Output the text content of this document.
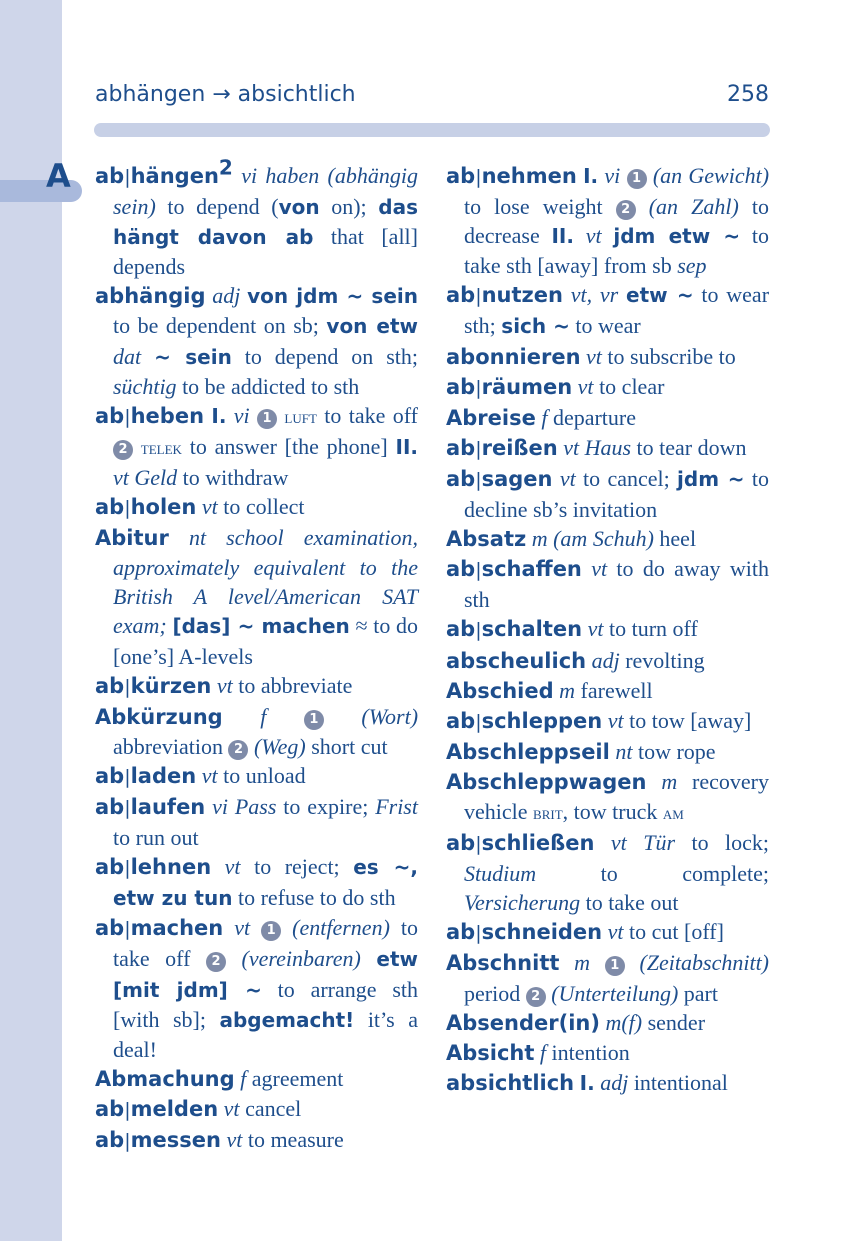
A
abhängen → absichtlich	258
ab|hängen$^2$ vi haben (abhängig sein) to depend (von on); das hängt davon ab that [all] depends
abhängig adj von jdm ~ sein to be dependent on sb; von etw dat ~ sein to depend on sth; süchtig to be addicted to sth
ab|heben I. vi 1 luft to take off 2 telek to answer [the phone] II. vt Geld to withdraw
ab|holen vt to collect
Abitur nt school examination, approximately equivalent to the British A level/American SAT exam; [das] ~ machen ≈ to do [one’s] A-levels
ab|kürzen vt to abbreviate
Abkürzung f	1 (Wort) abbreviation 2 (Weg) short cut
ab|laden vt to unload
ab|laufen vi Pass to expire; Frist to run out
ab|lehnen vt to reject; es ~, etw zu tun to refuse to do sth
ab|machen vt 1 (entfernen) to take off 2 (vereinbaren) etw [mit jdm] ~ to arrange sth [with sb]; abgemacht! it’s a deal!
Abmachung f agreement
ab|melden vt cancel
ab|messen vt to measure
ab|nehmen I. vi 1 (an Gewicht) to lose weight 2 (an Zahl) to decrease II. vt jdm etw ~ to take sth [away] from sb sep
ab|nutzen vt, vr etw ~ to wear sth; sich ~ to wear
abonnieren vt to subscribe to
ab|räumen vt to clear
Abreise f departure
ab|reißen vt Haus to tear down
ab|sagen vt to cancel; jdm ~ to decline sb’s invitation
Absatz m (am Schuh) heel
ab|schaffen vt to do away with sth
ab|schalten vt to turn off
abscheulich adj revolting
Abschied m farewell
ab|schleppen vt to tow [away]
Abschleppseil nt tow rope
Abschleppwagen m recovery vehicle brit, tow truck am
ab|schließen vt Tür to lock; Studium to complete; Versicherung to take out
ab|schneiden vt to cut [off]
Abschnitt m 1 (Zeitabschnitt) period 2 (Unterteilung) part
Absender(in) m(f) sender
Absicht f intention
absichtlich I. adj intentional
